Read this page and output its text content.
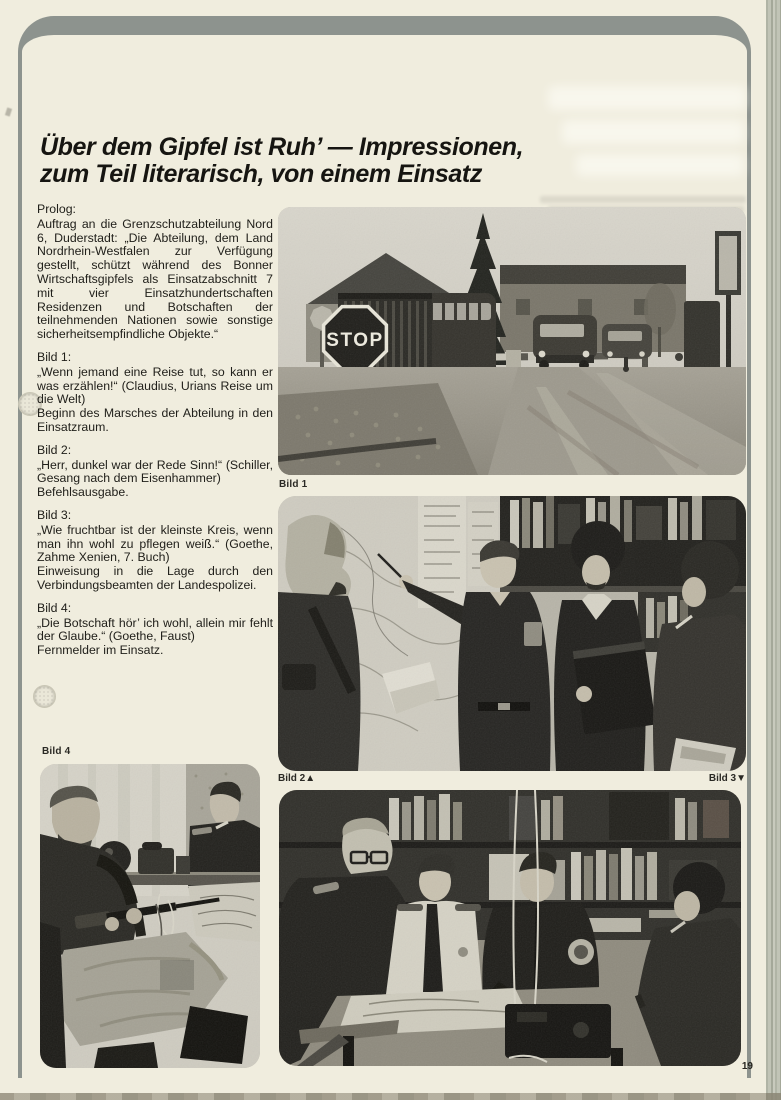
Über dem Gipfel ist Ruh’ — Impressionen,
zum Teil literarisch, von einem Einsatz
Prolog:

Auftrag an die Grenzschutzabteilung Nord 6, Duderstadt: „Die Abteilung, dem Land Nordrhein-Westfalen zur Verfügung gestellt, schützt während des Bonner Wirtschaftsgipfels als Einsatzabschnitt 7 mit vier Einsatzhundertschaften Residenzen und Botschaften der teilnehmenden Nationen sowie sonstige sicherheitsempfindliche Objekte.“

Bild 1:

„Wenn jemand eine Reise tut, so kann er was erzählen!“ (Claudius, Urians Reise um die Welt)

Beginn des Marsches der Abteilung in den Einsatzraum.

Bild 2:

„Herr, dunkel war der Rede Sinn!“ (Schiller, Gesang nach dem Eisenhammer)

Befehlsausgabe.

Bild 3:

„Wie fruchtbar ist der kleinste Kreis, wenn man ihn wohl zu pflegen weiß.“ (Goethe, Zahme Xenien, 7. Buch)

Einweisung in die Lage durch den Verbindungsbeamten der Landespolizei.

Bild 4:

„Die Botschaft hör’ ich wohl, allein mir fehlt der Glaube.“ (Goethe, Faust)

Fernmelder im Einsatz.

STOP
Bild 1
Bild 2▲	Bild 3▼
Bild 4
19
